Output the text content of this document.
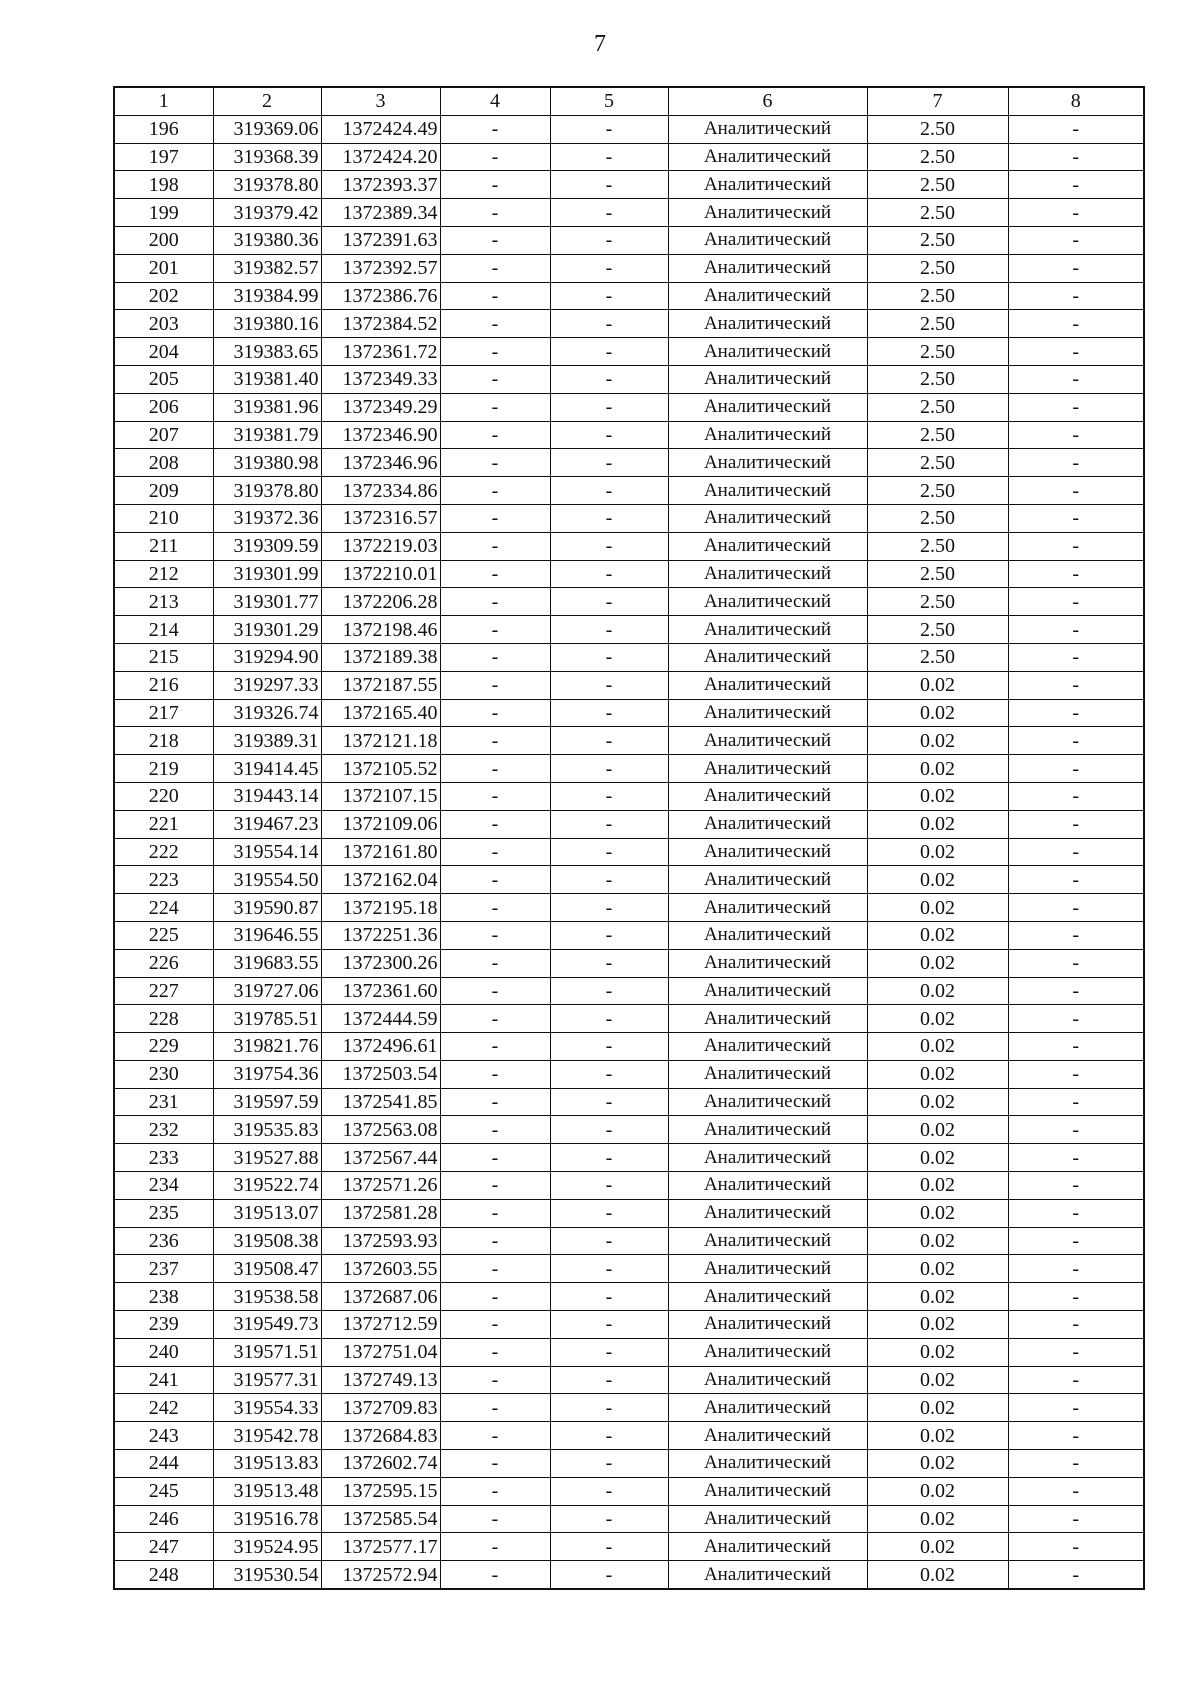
7
1	2	3	4	5	6	7	8
196	319369.06	1372424.49	-	-	Аналитический	2.50	-
197	319368.39	1372424.20	-	-	Аналитический	2.50	-
198	319378.80	1372393.37	-	-	Аналитический	2.50	-
199	319379.42	1372389.34	-	-	Аналитический	2.50	-
200	319380.36	1372391.63	-	-	Аналитический	2.50	-
201	319382.57	1372392.57	-	-	Аналитический	2.50	-
202	319384.99	1372386.76	-	-	Аналитический	2.50	-
203	319380.16	1372384.52	-	-	Аналитический	2.50	-
204	319383.65	1372361.72	-	-	Аналитический	2.50	-
205	319381.40	1372349.33	-	-	Аналитический	2.50	-
206	319381.96	1372349.29	-	-	Аналитический	2.50	-
207	319381.79	1372346.90	-	-	Аналитический	2.50	-
208	319380.98	1372346.96	-	-	Аналитический	2.50	-
209	319378.80	1372334.86	-	-	Аналитический	2.50	-
210	319372.36	1372316.57	-	-	Аналитический	2.50	-
211	319309.59	1372219.03	-	-	Аналитический	2.50	-
212	319301.99	1372210.01	-	-	Аналитический	2.50	-
213	319301.77	1372206.28	-	-	Аналитический	2.50	-
214	319301.29	1372198.46	-	-	Аналитический	2.50	-
215	319294.90	1372189.38	-	-	Аналитический	2.50	-
216	319297.33	1372187.55	-	-	Аналитический	0.02	-
217	319326.74	1372165.40	-	-	Аналитический	0.02	-
218	319389.31	1372121.18	-	-	Аналитический	0.02	-
219	319414.45	1372105.52	-	-	Аналитический	0.02	-
220	319443.14	1372107.15	-	-	Аналитический	0.02	-
221	319467.23	1372109.06	-	-	Аналитический	0.02	-
222	319554.14	1372161.80	-	-	Аналитический	0.02	-
223	319554.50	1372162.04	-	-	Аналитический	0.02	-
224	319590.87	1372195.18	-	-	Аналитический	0.02	-
225	319646.55	1372251.36	-	-	Аналитический	0.02	-
226	319683.55	1372300.26	-	-	Аналитический	0.02	-
227	319727.06	1372361.60	-	-	Аналитический	0.02	-
228	319785.51	1372444.59	-	-	Аналитический	0.02	-
229	319821.76	1372496.61	-	-	Аналитический	0.02	-
230	319754.36	1372503.54	-	-	Аналитический	0.02	-
231	319597.59	1372541.85	-	-	Аналитический	0.02	-
232	319535.83	1372563.08	-	-	Аналитический	0.02	-
233	319527.88	1372567.44	-	-	Аналитический	0.02	-
234	319522.74	1372571.26	-	-	Аналитический	0.02	-
235	319513.07	1372581.28	-	-	Аналитический	0.02	-
236	319508.38	1372593.93	-	-	Аналитический	0.02	-
237	319508.47	1372603.55	-	-	Аналитический	0.02	-
238	319538.58	1372687.06	-	-	Аналитический	0.02	-
239	319549.73	1372712.59	-	-	Аналитический	0.02	-
240	319571.51	1372751.04	-	-	Аналитический	0.02	-
241	319577.31	1372749.13	-	-	Аналитический	0.02	-
242	319554.33	1372709.83	-	-	Аналитический	0.02	-
243	319542.78	1372684.83	-	-	Аналитический	0.02	-
244	319513.83	1372602.74	-	-	Аналитический	0.02	-
245	319513.48	1372595.15	-	-	Аналитический	0.02	-
246	319516.78	1372585.54	-	-	Аналитический	0.02	-
247	319524.95	1372577.17	-	-	Аналитический	0.02	-
248	319530.54	1372572.94	-	-	Аналитический	0.02	-
